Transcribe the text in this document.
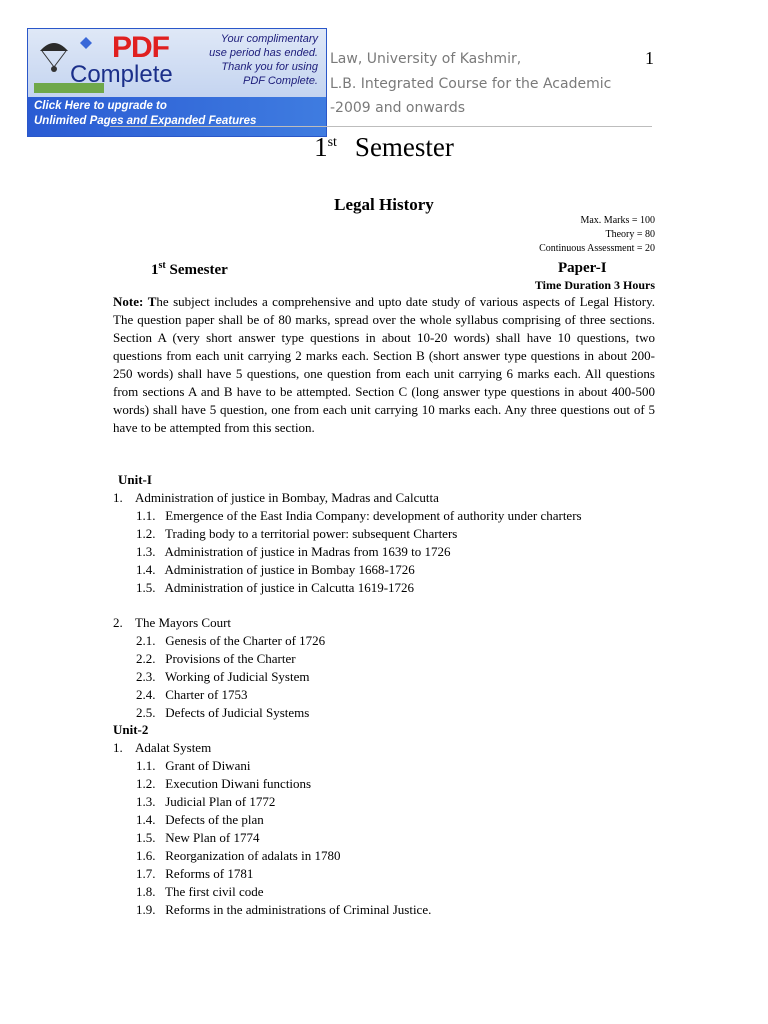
PDF
Complete
Your complimentary
use period has ended.
Thank you for using
PDF Complete.
Click Here to upgrade to
Unlimited Pages and Expanded Features
Law, University of Kashmir,
L.B. Integrated Course for the Academic
-2009 and onwards
1
1st Semester
Legal History
Max. Marks = 100
Theory = 80
Continuous Assessment = 20
1st Semester	Paper-I
Time Duration 3 Hours
Note: The subject includes a comprehensive and upto date study of various aspects of Legal History. The question paper shall be of 80 marks, spread over the whole syllabus comprising of three sections. Section A (very short answer type questions in about 10-20 words) shall have 10 questions, two questions from each unit carrying 2 marks each. Section B (short answer type questions in about 200-250 words) shall have 5 questions, one question from each unit carrying 6 marks each. All questions from sections A and B have to be attempted. Section C (long answer type questions in about 400-500 words) shall have 5 question, one from each unit carrying 10 marks each. Any three questions out of 5 have to be attempted from this section.
Unit-I
1. Administration of justice in Bombay, Madras and Calcutta
1.1. Emergence of the East India Company: development of authority under charters
1.2. Trading body to a territorial power: subsequent Charters
1.3. Administration of justice in Madras from 1639 to 1726
1.4. Administration of justice in Bombay 1668-1726
1.5. Administration of justice in Calcutta 1619-1726
2. The Mayors Court
2.1. Genesis of the Charter of 1726
2.2. Provisions of the Charter
2.3. Working of Judicial System
2.4. Charter of 1753
2.5. Defects of Judicial Systems
Unit-2
1. Adalat System
1.1. Grant of Diwani
1.2. Execution Diwani functions
1.3. Judicial Plan of 1772
1.4. Defects of the plan
1.5. New Plan of 1774
1.6. Reorganization of adalats in 1780
1.7. Reforms of 1781
1.8. The first civil code
1.9. Reforms in the administrations of Criminal Justice.
